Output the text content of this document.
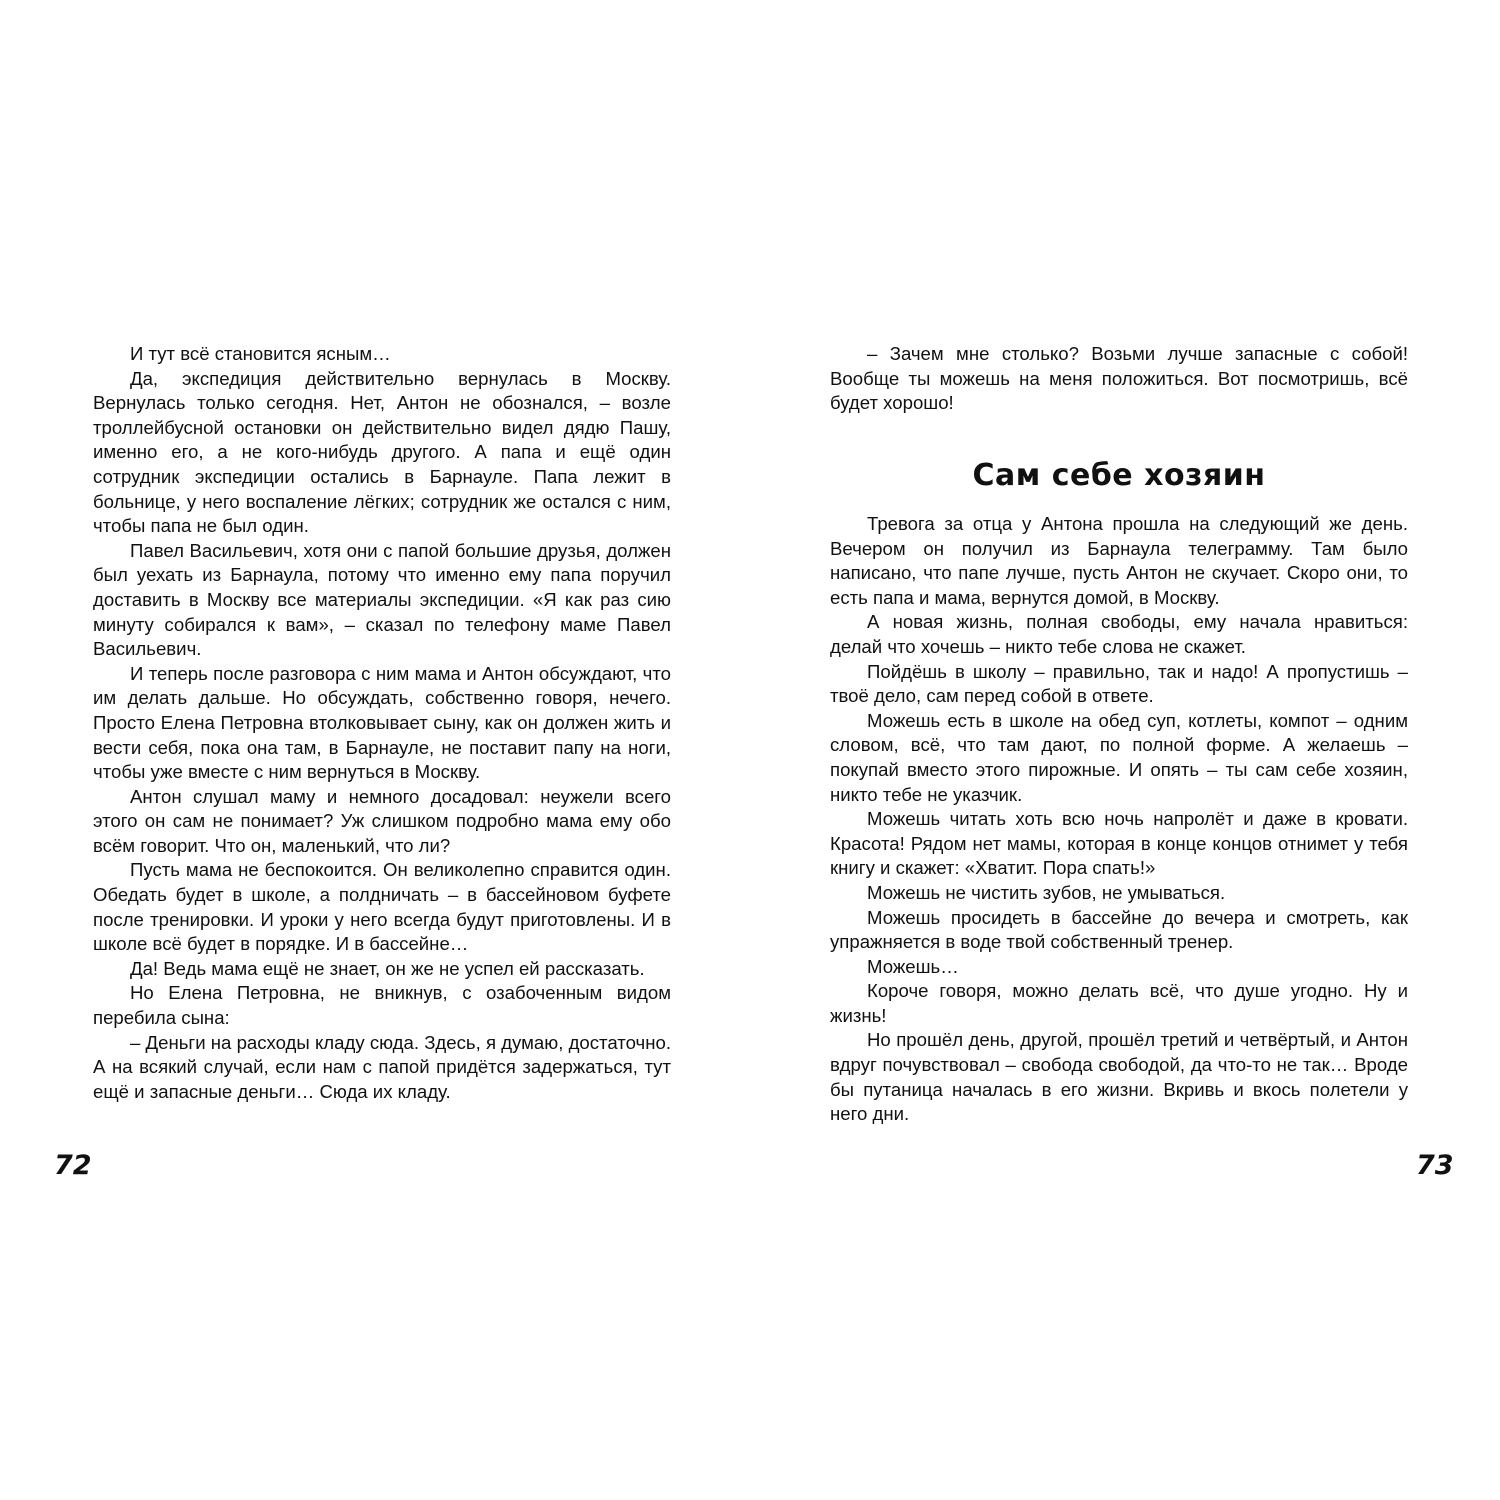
И тут всё становится ясным…

Да, экспедиция действительно вернулась в Москву. Вернулась только сегодня. Нет, Антон не обознался, – возле троллейбусной остановки он действительно видел дядю Пашу, именно его, а не кого-нибудь другого. А папа и ещё один сотрудник экспедиции остались в Барнауле. Папа лежит в больнице, у него воспаление лёгких; сотрудник же остался с ним, чтобы папа не был один.

Павел Васильевич, хотя они с папой большие друзья, должен был уехать из Барнаула, потому что именно ему папа поручил доставить в Москву все материалы экспедиции. «Я как раз сию минуту собирался к вам», – сказал по телефону маме Павел Васильевич.

И теперь после разговора с ним мама и Антон обсуждают, что им делать дальше. Но обсуждать, собственно говоря, нечего. Просто Елена Петровна втолковывает сыну, как он должен жить и вести себя, пока она там, в Барнауле, не поставит папу на ноги, чтобы уже вместе с ним вернуться в Москву.

Антон слушал маму и немного досадовал: неужели всего этого он сам не понимает? Уж слишком подробно мама ему обо всём говорит. Что он, маленький, что ли?

Пусть мама не беспокоится. Он великолепно справится один. Обедать будет в школе, а полдничать – в бассейновом буфете после тренировки. И уроки у него всегда будут приготовлены. И в школе всё будет в порядке. И в бассейне…

Да! Ведь мама ещё не знает, он же не успел ей рассказать.

Но Елена Петровна, не вникнув, с озабоченным видом перебила сына:

– Деньги на расходы кладу сюда. Здесь, я думаю, достаточно. А на всякий случай, если нам с папой придётся задержаться, тут ещё и запасные деньги… Сюда их кладу.

72

– Зачем мне столько? Возьми лучше запасные с собой! Вообще ты можешь на меня положиться. Вот посмотришь, всё будет хорошо!

Сам себе хозяин

Тревога за отца у Антона прошла на следующий же день. Вечером он получил из Барнаула телеграмму. Там было написано, что папе лучше, пусть Антон не скучает. Скоро они, то есть папа и мама, вернутся домой, в Москву.

А новая жизнь, полная свободы, ему начала нравиться: делай что хочешь – никто тебе слова не скажет.

Пойдёшь в школу – правильно, так и надо! А пропустишь – твоё дело, сам перед собой в ответе.

Можешь есть в школе на обед суп, котлеты, компот – одним словом, всё, что там дают, по полной форме. А желаешь – покупай вместо этого пирожные. И опять – ты сам себе хозяин, никто тебе не указчик.

Можешь читать хоть всю ночь напролёт и даже в кровати. Красота! Рядом нет мамы, которая в конце концов отнимет у тебя книгу и скажет: «Хватит. Пора спать!»

Можешь не чистить зубов, не умываться.

Можешь просидеть в бассейне до вечера и смотреть, как упражняется в воде твой собственный тренер.

Можешь…

Короче говоря, можно делать всё, что душе угодно. Ну и жизнь!

Но прошёл день, другой, прошёл третий и четвёртый, и Антон вдруг почувствовал – свобода свободой, да что-то не так… Вроде бы путаница началась в его жизни. Вкривь и вкось полетели у него дни.

73
